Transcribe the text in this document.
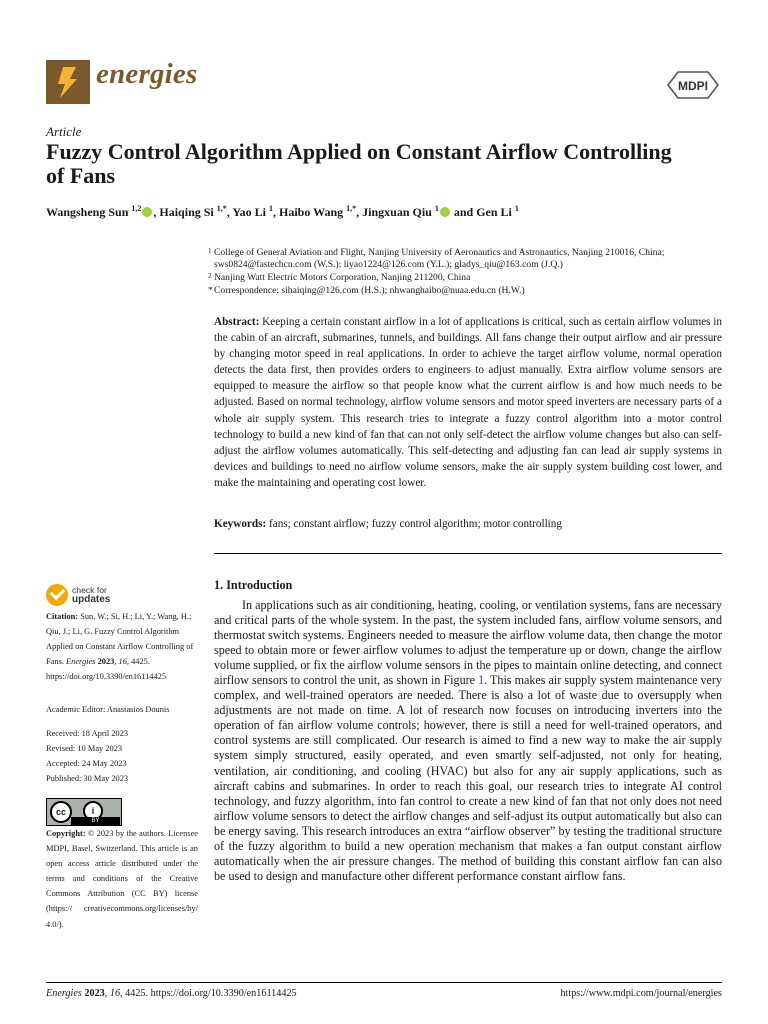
energies	MDPI
Article
Fuzzy Control Algorithm Applied on Constant Airflow Controlling of Fans
Wangsheng Sun $^{1,2}$ , Haiqing Si $^{1,*}$, Yao Li $^1$, Haibo Wang $^{1,*}$, Jingxuan Qiu $^1$ and Gen Li $^1$
1 College of General Aviation and Flight, Nanjing University of Aeronautics and Astronautics, Nanjing 210016, China;
sws0824@fastechcn.com (W.S.); liyao1224@126.com (Y.L.); gladys_qiu@163.com (J.Q.)
2 Nanjing Watt Electric Motors Corporation, Nanjing 211200, China
* Correspondence: sihaiqing@126.com (H.S.); nhwanghaibo@nuaa.edu.cn (H.W.)
Abstract: Keeping a certain constant airflow in a lot of applications is critical, such as certain airflow volumes in the cabin of an aircraft, submarines, tunnels, and buildings. All fans change their output airflow and air pressure by changing motor speed in real applications. In order to achieve the target airflow volume, normal operation detects the data first, then provides orders to engineers to adjust manually. Extra airflow volume sensors are equipped to measure the airflow so that people know what the current airflow is and how much needs to be adjusted. Based on normal technology, airflow volume sensors and motor speed inverters are necessary parts of a whole air supply system. This research tries to integrate a fuzzy control algorithm into a motor control technology to build a new kind of fan that can not only self-detect the airflow volume changes but also can self-adjust the airflow volumes automatically. This self-detecting and adjusting fan can lead air supply systems in devices and buildings to need no airflow volume sensors, make the air supply system building cost lower, and make the maintaining and operating cost lower.
Keywords: fans; constant airflow; fuzzy control algorithm; motor controlling
check for
updates
Citation: Sun, W.; Si, H.; Li, Y.; Wang, H.; Qiu, J.; Li, G. Fuzzy Control Algorithm Applied on Constant Airflow Controlling of Fans. Energies 2023, 16, 4425. https://doi.org/10.3390/en16114425
Academic Editor: Anastasios Dounis
Received: 18 April 2023
Revised: 10 May 2023
Accepted: 24 May 2023
Published: 30 May 2023
cc	i
BY
Copyright: © 2023 by the authors. Licensee MDPI, Basel, Switzerland. This article is an open access article distributed under the terms and conditions of the Creative Commons Attribution (CC BY) license (https:// creativecommons.org/licenses/by/ 4.0/).
1. Introduction
In applications such as air conditioning, heating, cooling, or ventilation systems, fans are necessary and critical parts of the whole system. In the past, the system included fans, airflow volume sensors, and thermostat switch systems. Engineers needed to measure the airflow volume data, then change the motor speed to obtain more or fewer airflow volumes to adjust the temperature up or down, change the airflow volume supplied, or fix the airflow volume sensors in the pipes to maintain online detecting, and connect airflow sensors to control the unit, as shown in Figure 1. This makes air supply system maintenance very complex, and well-trained operators are needed. There is also a lot of waste due to oversupply when adjustments are not made on time. A lot of research now focuses on introducing inverters into the operation of fan airflow volume controls; however, there is still a need for well-trained operators, and control systems are still complicated. Our research is aimed to find a new way to make the air supply system simply structured, easily operated, and even smartly self-adjusted, not only for heating, ventilation, air conditioning, and cooling (HVAC) but also for any air supply applications, such as aircraft cabins and submarines. In order to reach this goal, our research tries to integrate AI control technology, and fuzzy algorithm, into fan control to create a new kind of fan that not only does not need airflow volume sensors to detect the airflow changes and self-adjust its output automatically but also can be energy saving. This research introduces an extra “airflow observer” by testing the traditional structure of the fuzzy algorithm to build a new operation mechanism that makes a fan output constant airflow automatically when the air pressure changes. The method of building this constant airflow fan can also be used to design and manufacture other different performance constant airflow fans.
Energies 2023, 16, 4425. https://doi.org/10.3390/en16114425	https://www.mdpi.com/journal/energies
